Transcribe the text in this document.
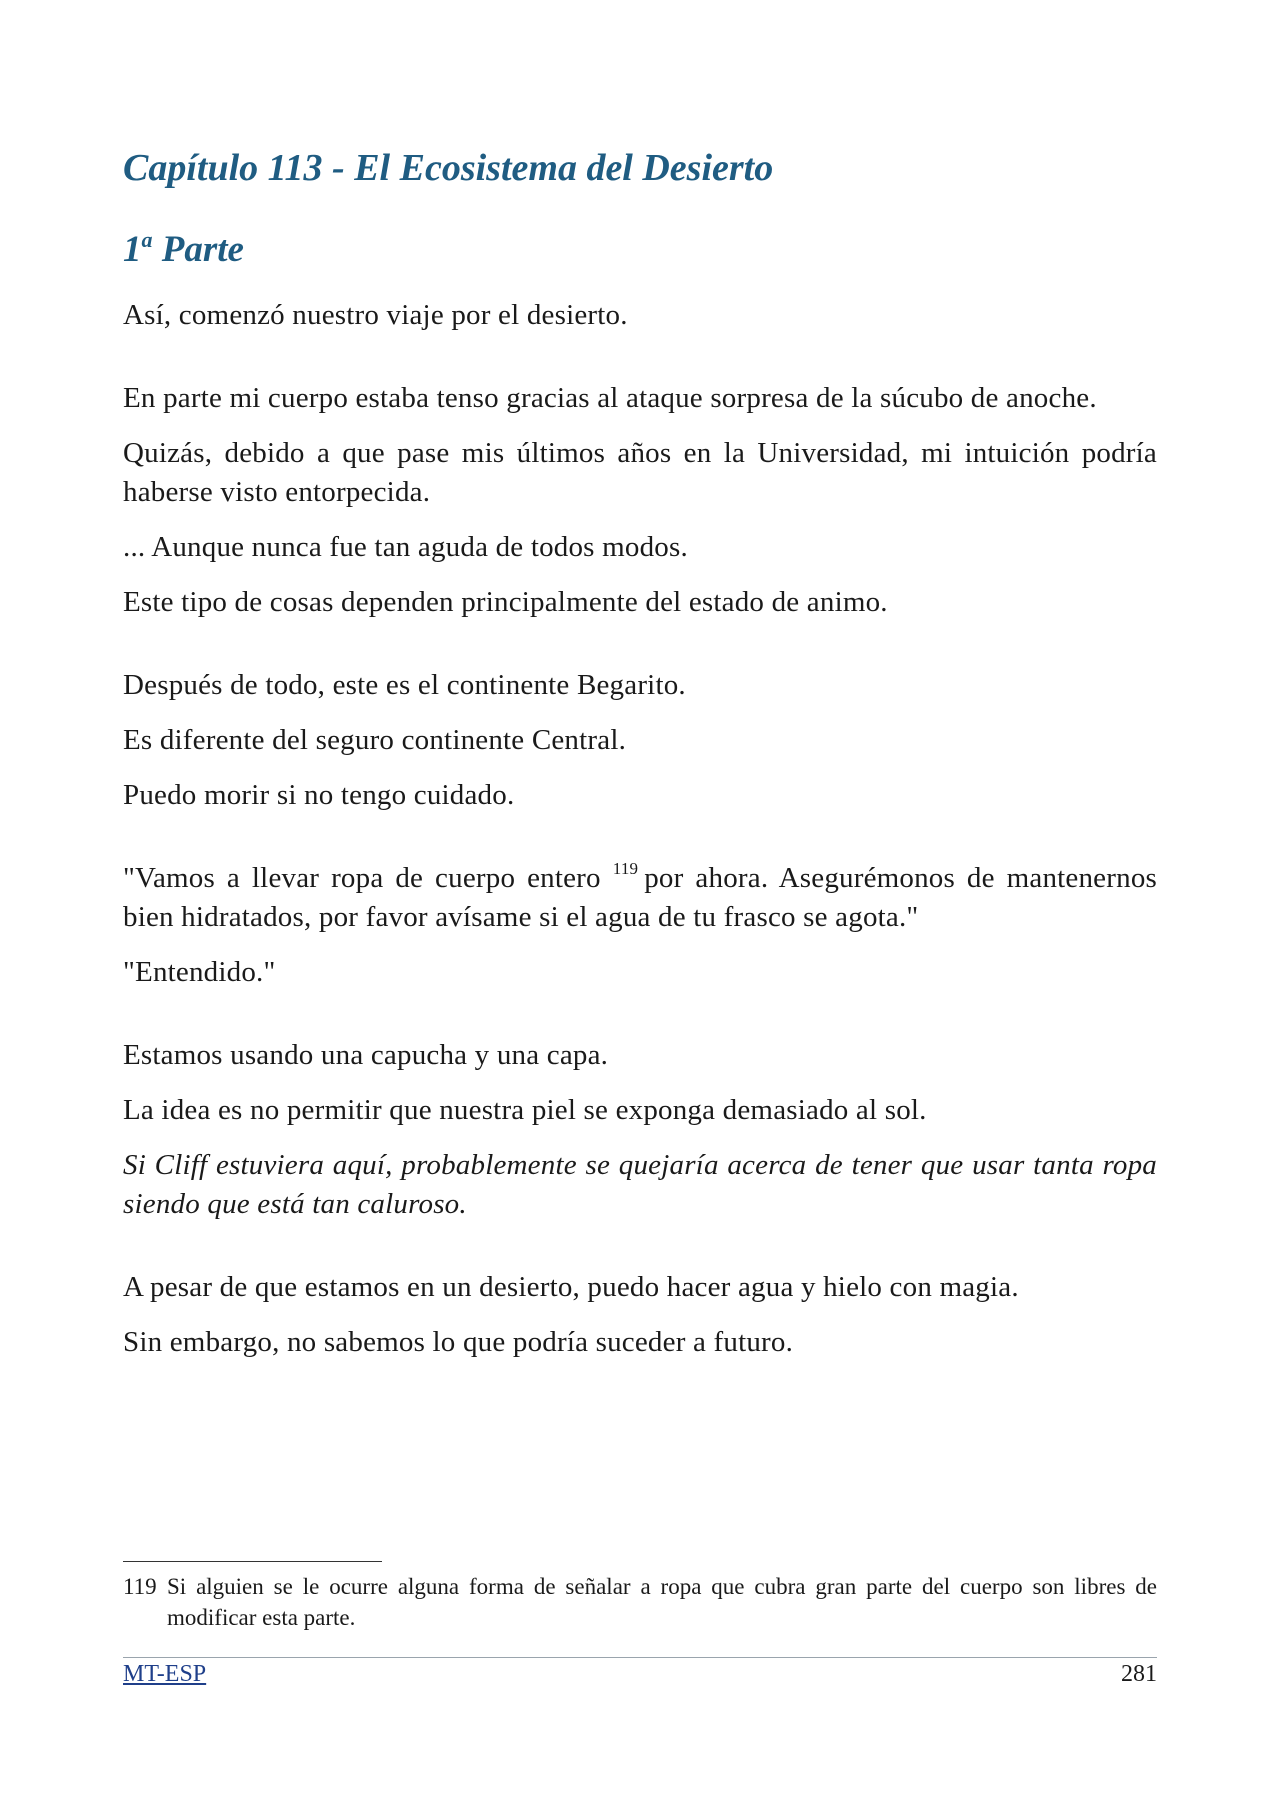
Capítulo 113 - El Ecosistema del Desierto
1$^a$ Parte

Así, comenzó nuestro viaje por el desierto.

En parte mi cuerpo estaba tenso gracias al ataque sorpresa de la súcubo de anoche.

Quizás, debido a que pase mis últimos años en la Universidad, mi intuición podría haberse visto entorpecida.

... Aunque nunca fue tan aguda de todos modos.

Este tipo de cosas dependen principalmente del estado de animo.

Después de todo, este es el continente Begarito.

Es diferente del seguro continente Central.

Puedo morir si no tengo cuidado.

"Vamos a llevar ropa de cuerpo entero $^{119}$ por ahora. Asegurémonos de mantenernos bien hidratados, por favor avísame si el agua de tu frasco se agota."

"Entendido."

Estamos usando una capucha y una capa.

La idea es no permitir que nuestra piel se exponga demasiado al sol.

Si Cliff estuviera aquí, probablemente se quejaría acerca de tener que usar tanta ropa siendo que está tan caluroso.

A pesar de que estamos en un desierto, puedo hacer agua y hielo con magia.

Sin embargo, no sabemos lo que podría suceder a futuro.

119 Si alguien se le ocurre alguna forma de señalar a ropa que cubra gran parte del cuerpo son libres de modificar esta parte.
MT-ESP	281
